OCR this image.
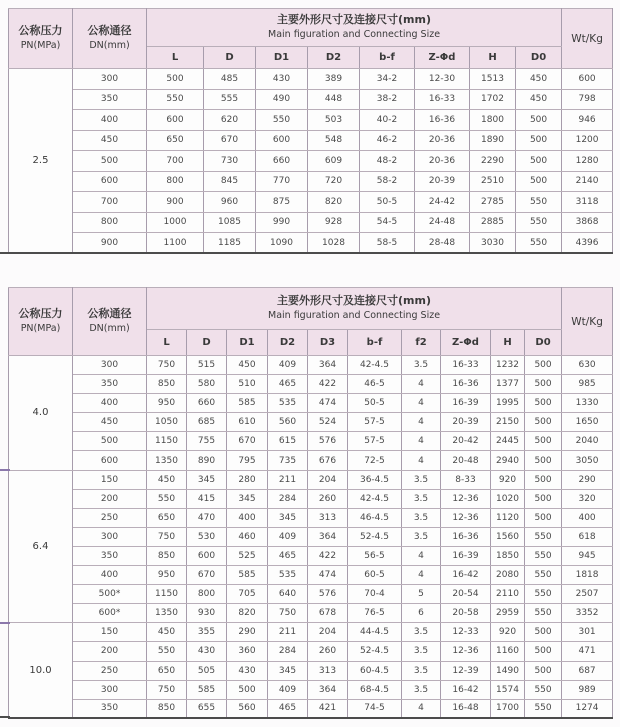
公称压力
PN(MPa)

公称通径
DN(mm)

主要外形尺寸及连接尺寸(mm)
Main figuration and Connecting Size	Wt/Kg
		L	D	D1	D2	b-f	Z-Φd	H	D0	
2.5	300	500	485	430	389	34-2	12-30	1513	450	600
	350	550	555	490	448	38-2	16-33	1702	450	798
	400	600	620	550	503	40-2	16-36	1800	500	946
	450	650	670	600	548	46-2	20-36	1890	500	1200
	500	700	730	660	609	48-2	20-36	2290	500	1280
	600	800	845	770	720	58-2	20-39	2510	500	2140
	700	900	960	875	820	50-5	24-42	2785	550	3118
	800	1000	1085	990	928	54-5	24-48	2885	550	3868
	900	1100	1185	1090	1028	58-5	28-48	3030	550	4396
公称压力
PN(MPa)

公称通径
DN(mm)

主要外形尺寸及连接尺寸(mm)
Main figuration and Connecting Size	Wt/Kg
		L	D	D1	D2	D3	b-f	f2	Z-Φd	H	D0	
4.0	300	750	515	450	409	364	42-4.5	3.5	16-33	1232	500	630
	350	850	580	510	465	422	46-5	4	16-36	1377	500	985
	400	950	660	585	535	474	50-5	4	16-39	1995	500	1330
	450	1050	685	610	560	524	57-5	4	20-39	2150	500	1650
	500	1150	755	670	615	576	57-5	4	20-42	2445	500	2040
	600	1350	890	795	735	676	72-5	4	20-48	2940	500	3050
6.4	150	450	345	280	211	204	36-4.5	3.5	8-33	920	500	290
	200	550	415	345	284	260	42-4.5	3.5	12-36	1020	500	320
	250	650	470	400	345	313	46-4.5	3.5	12-36	1120	500	400
	300	750	530	460	409	364	52-4.5	3.5	16-36	1560	550	618
	350	850	600	525	465	422	56-5	4	16-39	1850	550	945
	400	950	670	585	535	474	60-5	4	16-42	2080	550	1818
	500*	1150	800	705	640	576	70-4	5	20-54	2110	550	2507
	600*	1350	930	820	750	678	76-5	6	20-58	2959	550	3352
10.0	150	450	355	290	211	204	44-4.5	3.5	12-33	920	500	301
	200	550	430	360	284	260	52-4.5	3.5	12-36	1160	500	471
	250	650	505	430	345	313	60-4.5	3.5	12-39	1490	500	687
	300	750	585	500	409	364	68-4.5	3.5	16-42	1574	550	989
	350	850	655	560	465	421	74-5	4	16-48	1700	550	1274
